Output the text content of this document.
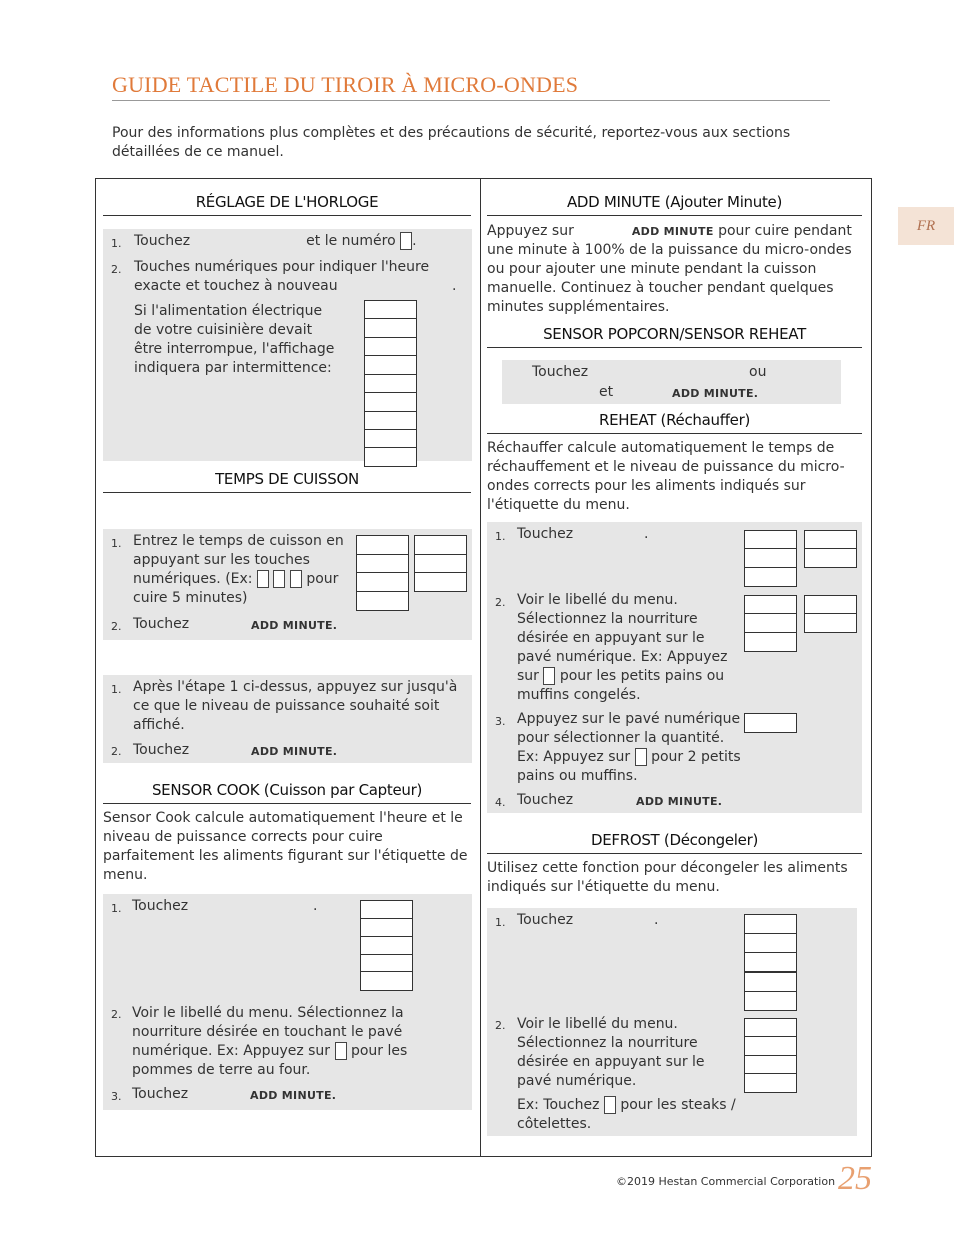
GUIDE TACTILE DU TIROIR À MICRO-ONDES
Pour des informations plus complètes et des précautions de sécurité, reportez-vous aux sections détaillées de ce manuel.
FR
RÉGLAGE DE L'HORLOGE
1. Touchez	et le numéro .
2. Touches numériques pour indiquer l'heure exacte et touchez à nouveau	.
Si l'alimentation électrique de votre cuisinière devait être interrompue, l'affichage indiquera par intermittence:
TEMPS DE CUISSON
1. Entrez le temps de cuisson en appuyant sur les touches numériques. (Ex:	pour cuire 5 minutes)
2. Touchez	ADD MINUTE.
1. Après l'étape 1 ci-dessus, appuyez sur jusqu'à ce que le niveau de puissance souhaité soit affiché.
2. Touchez	ADD MINUTE.
SENSOR COOK (Cuisson par Capteur)
Sensor Cook calcule automatiquement l'heure et le niveau de puissance corrects pour cuire parfaitement les aliments figurant sur l'étiquette de menu.
1. Touchez	.
2. Voir le libellé du menu. Sélectionnez la nourriture désirée en touchant le pavé numérique. Ex: Appuyez sur pour les pommes de terre au four.
3. Touchez	ADD MINUTE.
ADD MINUTE (Ajouter Minute)
Appuyez sur	ADD MINUTE pour cuire pendant une minute à 100% de la puissance du micro-ondes ou pour ajouter une minute pendant la cuisson manuelle. Continuez à toucher pendant quelques minutes supplémentaires.
SENSOR POPCORN/SENSOR REHEAT
Touchez	ou
et	ADD MINUTE.
REHEAT (Réchauffer)
Réchauffer calcule automatiquement le temps de réchauffement et le niveau de puissance du micro-ondes corrects pour les aliments indiqués sur l'étiquette du menu.
1. Touchez	.
2. Voir le libellé du menu. Sélectionnez la nourriture désirée en appuyant sur le pavé numérique. Ex: Appuyez sur pour les petits pains ou muffins congelés.
3. Appuyez sur le pavé numérique pour sélectionner la quantité. Ex: Appuyez sur pour 2 petits pains ou muffins.
4. Touchez	ADD MINUTE.
DEFROST (Décongeler)
Utilisez cette fonction pour décongeler les aliments indiqués sur l'étiquette du menu.
1. Touchez	.
2. Voir le libellé du menu. Sélectionnez la nourriture désirée en appuyant sur le pavé numérique.
Ex: Touchez pour les steaks / côtelettes.
©2019 Hestan Commercial Corporation 25
